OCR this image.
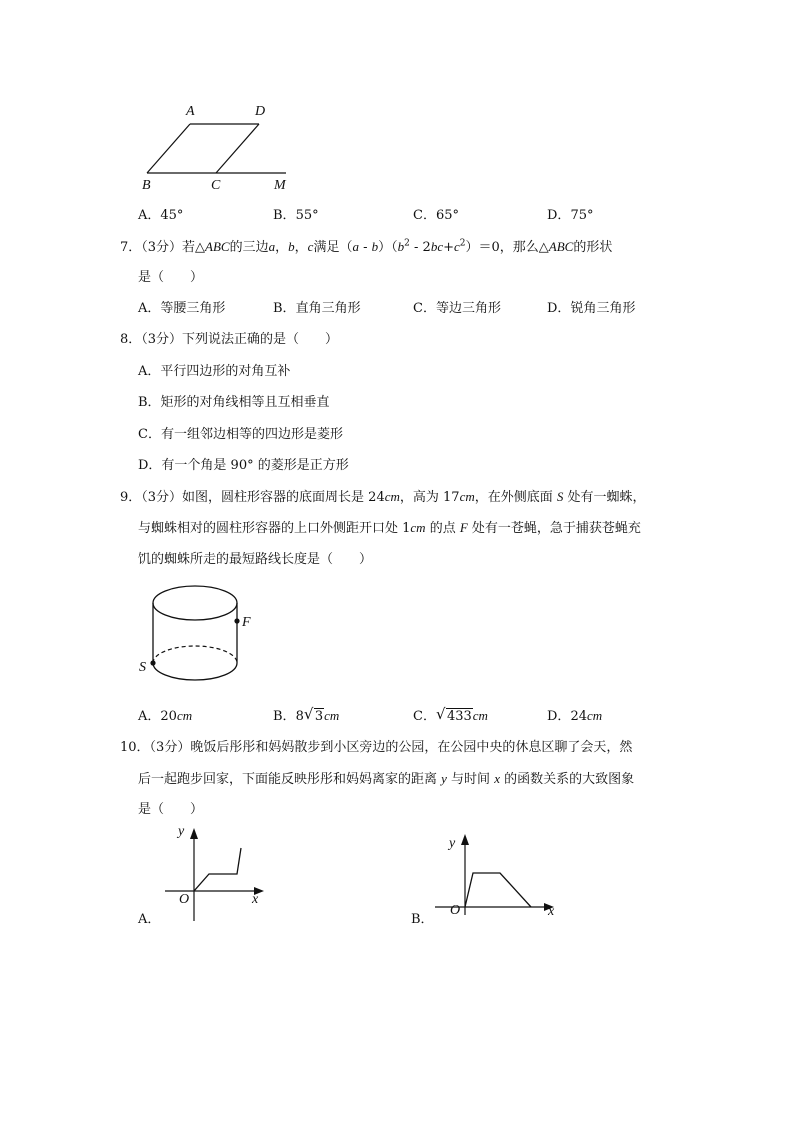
A	D
B	C	M
A．45°	B．55°	C．65°	D．75°
7．（3分）若△ABC的三边a，b，c满足$(a - b)(b^2 - 2bc+c^2)=0$，那么△ABC的形状
是（　　）
A．等腰三角形	B．直角三角形	C．等边三角形	D．锐角三角形
8．（3分）下列说法正确的是（　　）
A．平行四边形的对角互补
B．矩形的对角线相等且互相垂直
C．有一组邻边相等的四边形是菱形
D．有一个角是 90° 的菱形是正方形
9．（3分）如图，圆柱形容器的底面周长是 24cm，高为 17cm，在外侧底面 S 处有一蜘蛛，
与蜘蛛相对的圆柱形容器的上口外侧距开口处 1cm 的点 F 处有一苍蝇，急于捕获苍蝇充
饥的蜘蛛所走的最短路线长度是（　　）
F
S
A．20cm	B．8 √ 3cm	C． √ 433cm	D．24cm
10．（3分）晚饭后彤彤和妈妈散步到小区旁边的公园，在公园中央的休息区聊了会天，然
后一起跑步回家，下面能反映彤彤和妈妈离家的距离 y 与时间 x 的函数关系的大致图象
是（　　）
y
x
O
A．
y
x
O
B．
